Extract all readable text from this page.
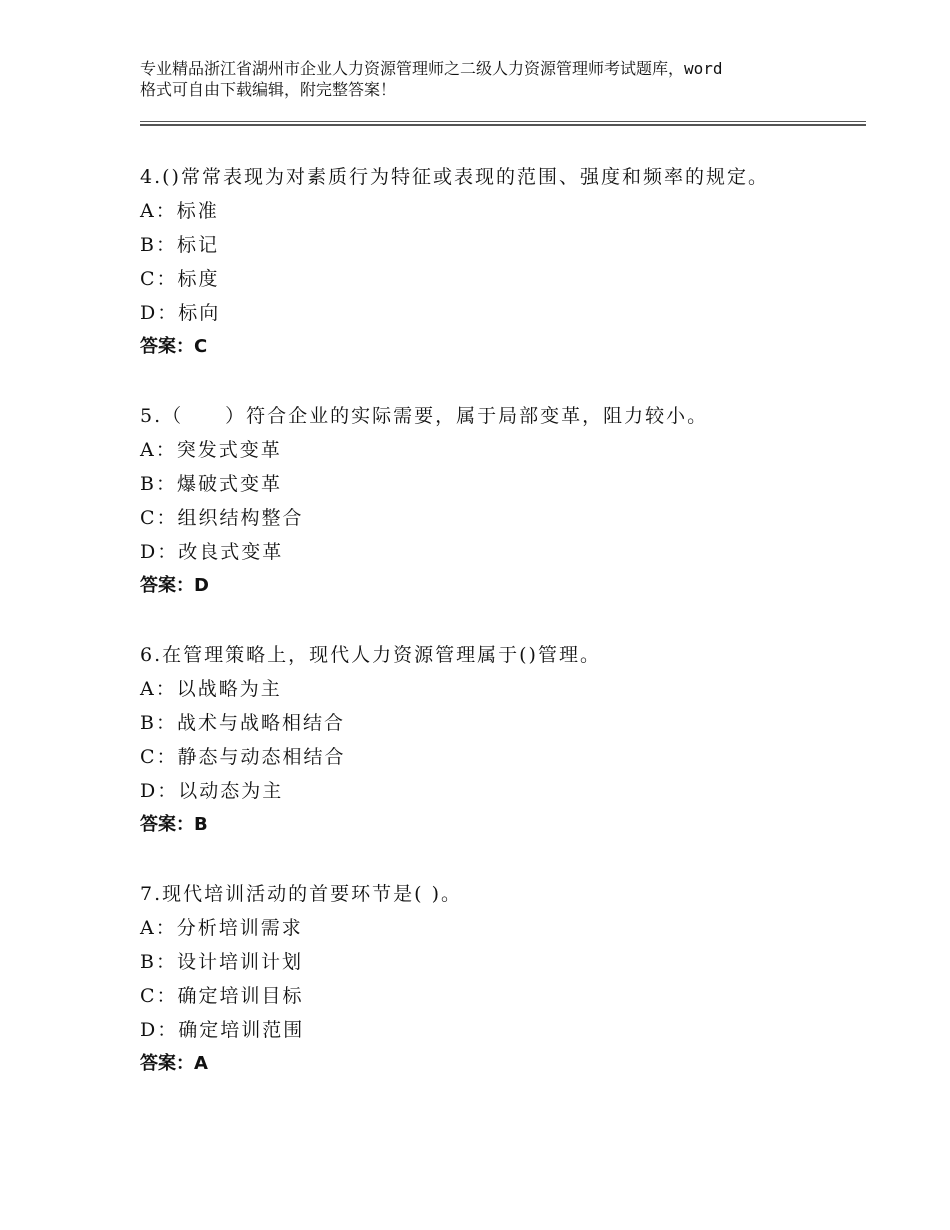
专业精品浙江省湖州市企业人力资源管理师之二级人力资源管理师考试题库，word
格式可自由下载编辑，附完整答案！
4.()常常表现为对素质行为特征或表现的范围、强度和频率的规定。
A：标准
B：标记
C：标度
D：标向
答案：C
5.（　　）符合企业的实际需要，属于局部变革，阻力较小。
A：突发式变革
B：爆破式变革
C：组织结构整合
D：改良式变革
答案：D
6.在管理策略上，现代人力资源管理属于()管理。
A：以战略为主
B：战术与战略相结合
C：静态与动态相结合
D：以动态为主
答案：B
7.现代培训活动的首要环节是( )。
A：分析培训需求
B：设计培训计划
C：确定培训目标
D：确定培训范围
答案：A
